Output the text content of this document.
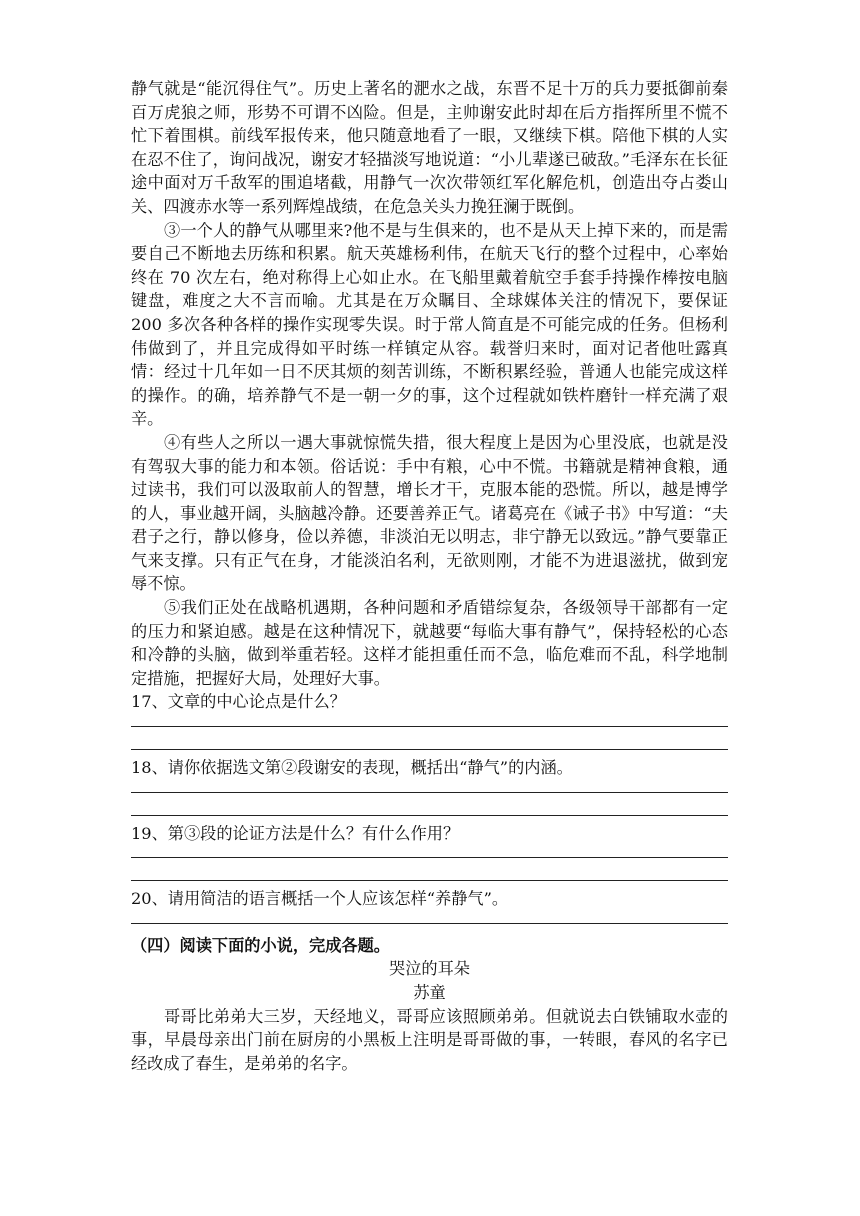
静气就是“能沉得住气”。历史上著名的淝水之战，东晋不足十万的兵力要抵御前秦百万虎狼之师，形势不可谓不凶险。但是，主帅谢安此时却在后方指挥所里不慌不忙下着围棋。前线军报传来，他只随意地看了一眼，又继续下棋。陪他下棋的人实在忍不住了，询问战况，谢安才轻描淡写地说道：“小儿辈遂已破敌。”毛泽东在长征途中面对万千敌军的围追堵截，用静气一次次带领红军化解危机，创造出夺占娄山关、四渡赤水等一系列辉煌战绩，在危急关头力挽狂澜于既倒。

③一个人的静气从哪里来?他不是与生俱来的，也不是从天上掉下来的，而是需要自己不断地去历练和积累。航天英雄杨利伟，在航天飞行的整个过程中，心率始终在 70 次左右，绝对称得上心如止水。在飞船里戴着航空手套手持操作棒按电脑键盘，难度之大不言而喻。尤其是在万众瞩目、全球媒体关注的情况下，要保证 200 多次各种各样的操作实现零失误。时于常人简直是不可能完成的任务。但杨利伟做到了，并且完成得如平时练一样镇定从容。载誉归来时，面对记者他吐露真情：经过十几年如一日不厌其烦的刻苦训练，不断积累经验，普通人也能完成这样的操作。的确，培养静气不是一朝一夕的事，这个过程就如铁杵磨针一样充满了艰辛。

④有些人之所以一遇大事就惊慌失措，很大程度上是因为心里没底，也就是没有驾驭大事的能力和本领。俗话说：手中有粮，心中不慌。书籍就是精神食粮，通过读书，我们可以汲取前人的智慧，增长才干，克服本能的恐慌。所以，越是博学的人，事业越开阔，头脑越冷静。还要善养正气。诸葛亮在《诫子书》中写道：“夫君子之行，静以修身，俭以养德，非淡泊无以明志，非宁静无以致远。”静气要靠正气来支撑。只有正气在身，才能淡泊名利，无欲则刚，才能不为进退滋扰，做到宠辱不惊。

⑤我们正处在战略机遇期，各种问题和矛盾错综复杂，各级领导干部都有一定的压力和紧迫感。越是在这种情况下，就越要“每临大事有静气”，保持轻松的心态和冷静的头脑，做到举重若轻。这样才能担重任而不急，临危难而不乱，科学地制定措施，把握好大局，处理好大事。

17、文章的中心论点是什么？

18、请你依据选文第②段谢安的表现，概括出“静气”的内涵。

19、第③段的论证方法是什么？有什么作用？

20、请用简洁的语言概括一个人应该怎样“养静气”。

（四）阅读下面的小说，完成各题。

哭泣的耳朵

苏童

哥哥比弟弟大三岁，天经地义，哥哥应该照顾弟弟。但就说去白铁铺取水壶的事，早晨母亲出门前在厨房的小黑板上注明是哥哥做的事，一转眼，春风的名字已经改成了春生，是弟弟的名字。
